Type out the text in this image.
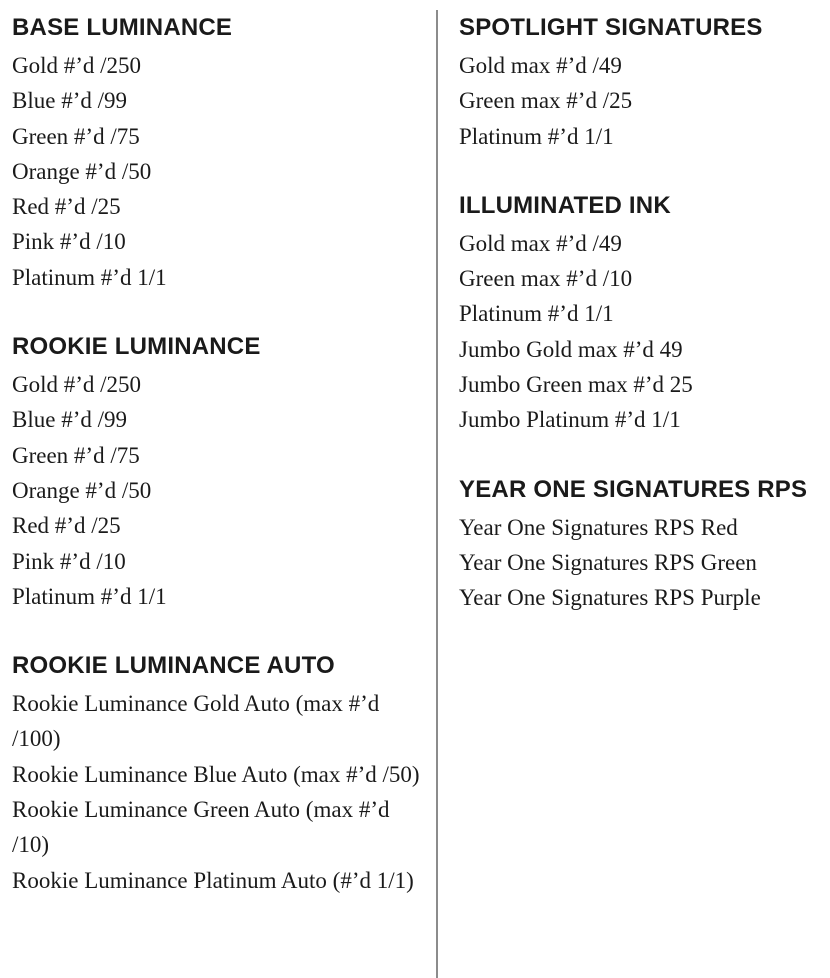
BASE LUMINANCE
Gold #’d /250
Blue #’d /99
Green #’d /75
Orange #’d /50
Red #’d /25
Pink #’d /10
Platinum #’d 1/1
ROOKIE LUMINANCE
Gold #’d /250
Blue #’d /99
Green #’d /75
Orange #’d /50
Red #’d /25
Pink #’d /10
Platinum #’d 1/1
ROOKIE LUMINANCE AUTO
Rookie Luminance Gold Auto (max #’d /100)
Rookie Luminance Blue Auto (max #’d /50)
Rookie Luminance Green Auto (max #’d /10)
Rookie Luminance Platinum Auto (#’d 1/1)
SPOTLIGHT SIGNATURES
Gold max #’d /49
Green max #’d /25
Platinum #’d 1/1
ILLUMINATED INK
Gold max #’d /49
Green max #’d /10
Platinum #’d 1/1
Jumbo Gold max #’d 49
Jumbo Green max #’d 25
Jumbo Platinum #’d 1/1
YEAR ONE SIGNATURES RPS
Year One Signatures RPS Red
Year One Signatures RPS Green
Year One Signatures RPS Purple
